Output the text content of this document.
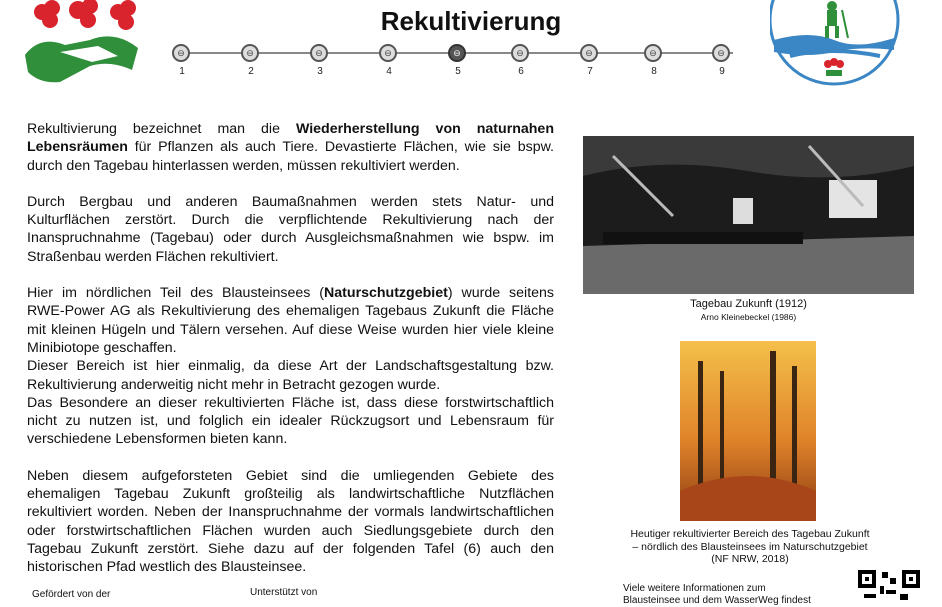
Rekultivierung
⊖
1
⊖
2
⊖
3
⊖
4
⊖
5
⊖
6
⊖
7
⊖
8
⊖
9

Rekultivierung bezeichnet man die Wiederherstellung von naturnahen Lebensräumen für Pflanzen als auch Tiere. Devastierte Flächen, wie sie bspw. durch den Tagebau hinterlassen werden, müssen rekultiviert werden.

Durch Bergbau und anderen Baumaßnahmen werden stets Natur- und Kulturflächen zerstört. Durch die verpflichtende Rekultivierung nach der Inanspruchnahme (Tagebau) oder durch Ausgleichsmaßnahmen wie bspw. im Straßenbau werden Flächen rekultiviert.

Hier im nördlichen Teil des Blausteinsees (Naturschutzgebiet) wurde seitens RWE-Power AG als Rekultivierung des ehemaligen Tagebaus Zukunft die Fläche mit kleinen Hügeln und Tälern versehen. Auf diese Weise wurden hier viele kleine Minibiotope geschaffen.

Dieser Bereich ist hier einmalig, da diese Art der Landschaftsgestaltung bzw. Rekultivierung anderweitig nicht mehr in Betracht gezogen wurde.

Das Besondere an dieser rekultivierten Fläche ist, dass diese forstwirtschaftlich nicht zu nutzen ist, und folglich ein idealer Rückzugsort und Lebensraum für verschiedene Lebensformen bieten kann.

Neben diesem aufgeforsteten Gebiet sind die umliegenden Gebiete des ehemaligen Tagebau Zukunft großteilig als landwirtschaftliche Nutzflächen rekultiviert worden. Neben der Inanspruchnahme der vormals landwirtschaftlichen oder forstwirtschaftlichen Flächen wurden auch Siedlungsgebiete durch den Tagebau Zukunft zerstört. Siehe dazu auf der folgenden Tafel (6) auch den historischen Pfad westlich des Blausteinsee.

Tagebau Zukunft (1912)
Arno Kleinebeckel (1986)
Heutiger rekultivierter Bereich des Tagebau Zukunft
– nördlich des Blausteinsees im Naturschutzgebiet
(NF NRW, 2018)
Gefördert von der	Unterstützt von	Viele weitere Informationen zum
Blausteinsee und dem WasserWeg findest
